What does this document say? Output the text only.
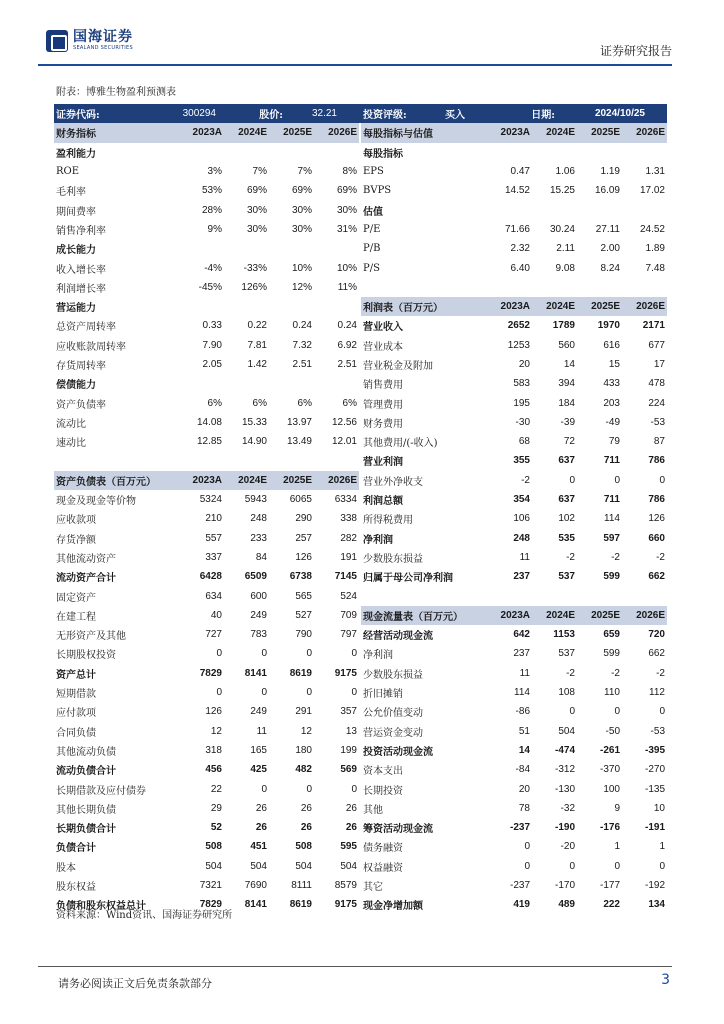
国海证券
SEALAND SECURITIES	证券研究报告
附表：博雅生物盈利预测表
证券代码:	300294	股价:	32.21	投资评级:	买入	日期:	2024/10/25
财务指标	2023A	2024E	2025E	2026E 每股指标与估值	2023A	2024E	2025E	2026E
盈利能力	每股指标
ROE	3%	7%	7%	8% EPS	0.47	1.06	1.19	1.31
毛利率	53%	69%	69%	69% BVPS	14.52	15.25	16.09	17.02
期间费率	28%	30%	30%	30% 估值
销售净利率	9%	30%	30%	31% P/E	71.66	30.24	27.11	24.52
成长能力	P/B	2.32	2.11	2.00	1.89
收入增长率	-4%	-33%	10%	10% P/S	6.40	9.08	8.24	7.48
利润增长率	-45%	126%	12%	11%
营运能力	利润表（百万元）	2023A	2024E	2025E	2026E
总资产周转率	0.33	0.22	0.24	0.24 营业收入	2652	1789	1970	2171
应收账款周转率	7.90	7.81	7.32	6.92 营业成本	1253	560	616	677
存货周转率	2.05	1.42	2.51	2.51 营业税金及附加	20	14	15	17
偿债能力	销售费用	583	394	433	478
资产负债率	6%	6%	6%	6% 管理费用	195	184	203	224
流动比	14.08	15.33	13.97	12.56 财务费用	-30	-39	-49	-53
速动比	12.85	14.90	13.49	12.01 其他费用/(-收入)	68	72	79	87
营业利润	355	637	711	786
资产负债表（百万元）	2023A	2024E	2025E	2026E 营业外净收支	-2	0	0	0
现金及现金等价物	5324	5943	6065	6334 利润总额	354	637	711	786
应收款项	210	248	290	338 所得税费用	106	102	114	126
存货净额	557	233	257	282 净利润	248	535	597	660
其他流动资产	337	84	126	191 少数股东损益	11	-2	-2	-2
流动资产合计	6428	6509	6738	7145 归属于母公司净利润	237	537	599	662
固定资产	634	600	565	524
在建工程	40	249	527	709 现金流量表（百万元）	2023A	2024E	2025E	2026E
无形资产及其他	727	783	790	797 经营活动现金流	642	1153	659	720
长期股权投资	0	0	0	0 净利润	237	537	599	662
资产总计	7829	8141	8619	9175 少数股东损益	11	-2	-2	-2
短期借款	0	0	0	0 折旧摊销	114	108	110	112
应付款项	126	249	291	357 公允价值变动	-86	0	0	0
合同负债	12	11	12	13 营运资金变动	51	504	-50	-53
其他流动负债	318	165	180	199 投资活动现金流	14	-474	-261	-395
流动负债合计	456	425	482	569 资本支出	-84	-312	-370	-270
长期借款及应付债券	22	0	0	0 长期投资	20	-130	100	-135
其他长期负债	29	26	26	26 其他	78	-32	9	10
长期负债合计	52	26	26	26 筹资活动现金流	-237	-190	-176	-191
负债合计	508	451	508	595 债务融资	0	-20	1	1
股本	504	504	504	504 权益融资	0	0	0	0
股东权益	7321	7690	8111	8579 其它	-237	-170	-177	-192
负债和股东权益总计	7829	8141	8619	9175 现金净增加额	419	489	222	134
资料来源：Wind资讯、国海证券研究所
请务必阅读正文后免责条款部分	3
